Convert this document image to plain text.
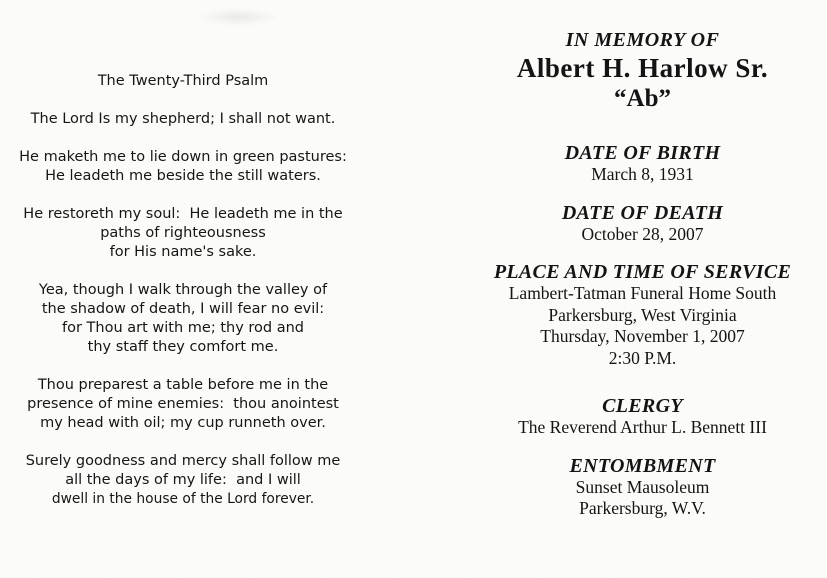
The Twenty-Third Psalm
The Lord Is my shepherd; I shall not want.
He maketh me to lie down in green pastures:
He leadeth me beside the still waters.
He restoreth my soul:  He leadeth me in the
paths of righteousness
for His name's sake.
Yea, though I walk through the valley of
the shadow of death, I will fear no evil:
for Thou art with me; thy rod and
thy staff they comfort me.
Thou preparest a table before me in the
presence of mine enemies:  thou anointest
my head with oil; my cup runneth over.
Surely goodness and mercy shall follow me
all the days of my life:  and I will
dwell in the house of the Lord forever.
IN MEMORY OF
Albert H. Harlow Sr.
“Ab”
DATE OF BIRTH
March 8, 1931
DATE OF DEATH
October 28, 2007
PLACE AND TIME OF SERVICE
Lambert-Tatman Funeral Home South
Parkersburg, West Virginia
Thursday, November 1, 2007
2:30 P.M.
CLERGY
The Reverend Arthur L. Bennett III
ENTOMBMENT
Sunset Mausoleum
Parkersburg, W.V.
